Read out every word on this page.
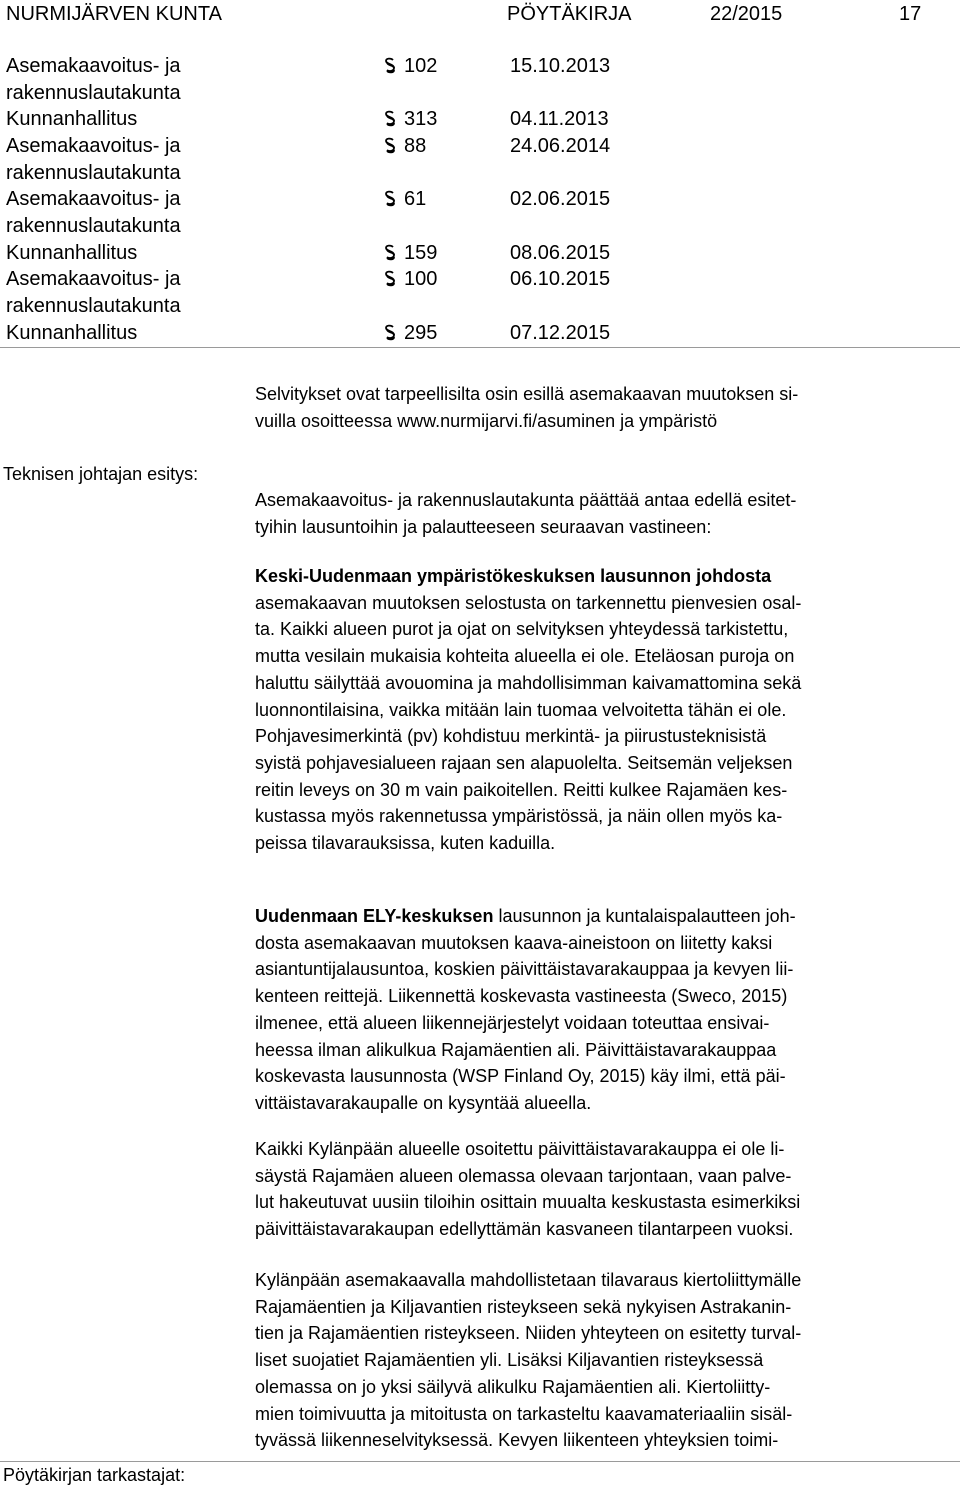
NURMIJÄRVEN KUNTA	PÖYTÄKIRJA	22/2015	17
Asemakaavoitus- ja
rakennuslautakunta
102	15.10.2013
Kunnanhallitus	313	04.11.2013
Asemakaavoitus- ja
rakennuslautakunta
88	24.06.2014
Asemakaavoitus- ja
rakennuslautakunta
61	02.06.2015
Kunnanhallitus	159	08.06.2015
Asemakaavoitus- ja
rakennuslautakunta
100	06.10.2015
Kunnanhallitus	295	07.12.2015
Selvitykset ovat tarpeellisilta osin esillä asemakaavan muutoksen si-
vuilla osoitteessa www.nurmijarvi.fi/asuminen ja ympäristö
Teknisen johtajan esitys:
Asemakaavoitus- ja rakennuslautakunta päättää antaa edellä esitet-
tyihin lausuntoihin ja palautteeseen seuraavan vastineen:
Keski-Uudenmaan ympäristökeskuksen lausunnon johdosta
asemakaavan muutoksen selostusta on tarkennettu pienvesien osal-
ta. Kaikki alueen purot ja ojat on selvityksen yhteydessä tarkistettu,
mutta vesilain mukaisia kohteita alueella ei ole. Eteläosan puroja on
haluttu säilyttää avouomina ja mahdollisimman kaivamattomina sekä
luonnontilaisina, vaikka mitään lain tuomaa velvoitetta tähän ei ole.
Pohjavesimerkintä (pv) kohdistuu merkintä- ja piirustusteknisistä
syistä pohjavesialueen rajaan sen alapuolelta. Seitsemän veljeksen
reitin leveys on 30 m vain paikoitellen. Reitti kulkee Rajamäen kes-
kustassa myös rakennetussa ympäristössä, ja näin ollen myös ka-
peissa tilavarauksissa, kuten kaduilla.
Uudenmaan ELY-keskuksen lausunnon ja kuntalaispalautteen joh-
dosta asemakaavan muutoksen kaava-aineistoon on liitetty kaksi
asiantuntijalausuntoa, koskien päivittäistavarakauppaa ja kevyen lii-
kenteen reittejä. Liikennettä koskevasta vastineesta (Sweco, 2015)
ilmenee, että alueen liikennejärjestelyt voidaan toteuttaa ensivai-
heessa ilman alikulkua Rajamäentien ali. Päivittäistavarakauppaa
koskevasta lausunnosta (WSP Finland Oy, 2015) käy ilmi, että päi-
vittäistavarakaupalle on kysyntää alueella.
Kaikki Kylänpään alueelle osoitettu päivittäistavarakauppa ei ole li-
säystä Rajamäen alueen olemassa olevaan tarjontaan, vaan palve-
lut hakeutuvat uusiin tiloihin osittain muualta keskustasta esimerkiksi
päivittäistavarakaupan edellyttämän kasvaneen tilantarpeen vuoksi.
Kylänpään asemakaavalla mahdollistetaan tilavaraus kiertoliittymälle
Rajamäentien ja Kiljavantien risteykseen sekä nykyisen Astrakanin-
tien ja Rajamäentien risteykseen. Niiden yhteyteen on esitetty turval-
liset suojatiet Rajamäentien yli. Lisäksi Kiljavantien risteyksessä
olemassa on jo yksi säilyvä alikulku Rajamäentien ali. Kiertoliitty-
mien toimivuutta ja mitoitusta on tarkasteltu kaavamateriaaliin sisäl-
tyvässä liikenneselvityksessä. Kevyen liikenteen yhteyksien toimi-
Pöytäkirjan tarkastajat:
